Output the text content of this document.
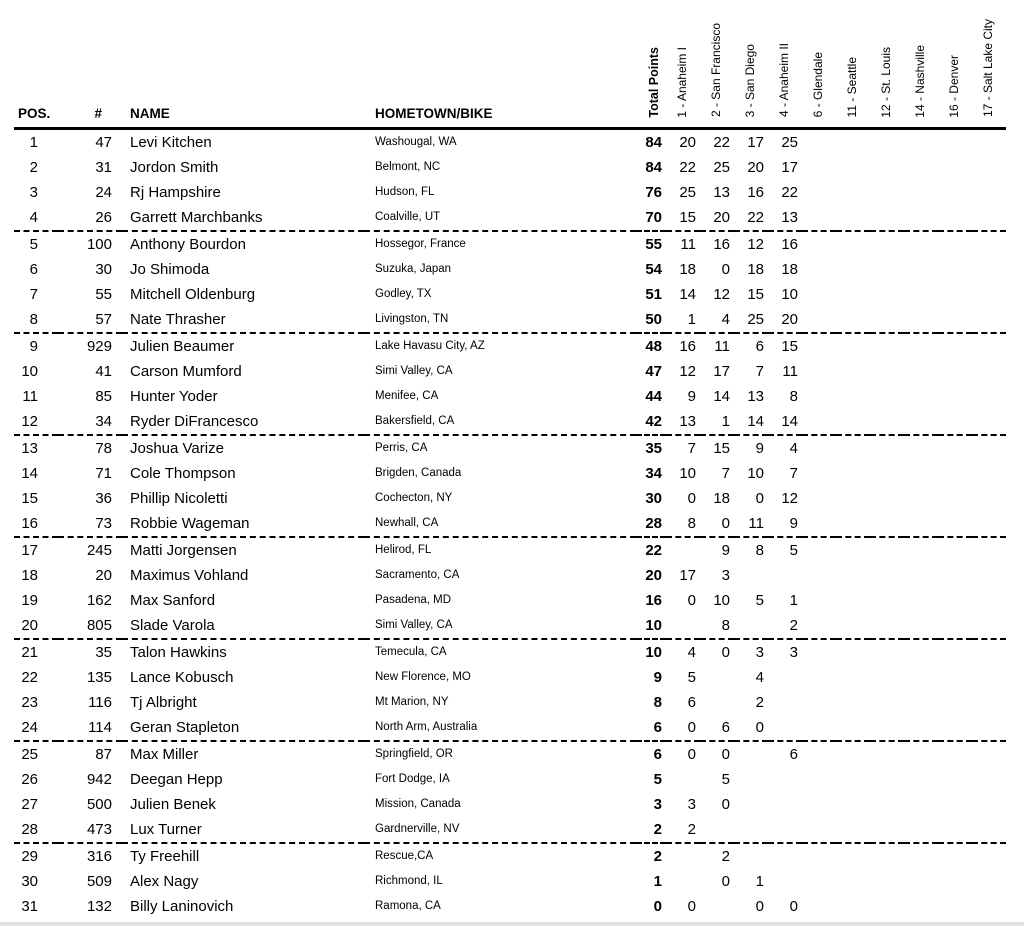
POS.	#	NAME	HOMETOWN/BIKE	Total Points	1 - Anaheim I	2 - San Francisco	3 - San Diego	4 - Anaheim II	6 - Glendale	11 - Seattle	12 - St. Louis	14 - Nashville	16 - Denver	17 - Salt Lake City
1	47	Levi Kitchen	Washougal, WA	84	20	22	17	25						
2	31	Jordon Smith	Belmont, NC	84	22	25	20	17						
3	24	Rj Hampshire	Hudson, FL	76	25	13	16	22						
4	26	Garrett Marchbanks	Coalville, UT	70	15	20	22	13						
5	100	Anthony Bourdon	Hossegor, France	55	11	16	12	16						
6	30	Jo Shimoda	Suzuka, Japan	54	18	0	18	18						
7	55	Mitchell Oldenburg	Godley, TX	51	14	12	15	10						
8	57	Nate Thrasher	Livingston, TN	50	1	4	25	20						
9	929	Julien Beaumer	Lake Havasu City, AZ	48	16	11	6	15						
10	41	Carson Mumford	Simi Valley, CA	47	12	17	7	11						
11	85	Hunter Yoder	Menifee, CA	44	9	14	13	8						
12	34	Ryder DiFrancesco	Bakersfield, CA	42	13	1	14	14						
13	78	Joshua Varize	Perris, CA	35	7	15	9	4						
14	71	Cole Thompson	Brigden, Canada	34	10	7	10	7						
15	36	Phillip Nicoletti	Cochecton, NY	30	0	18	0	12						
16	73	Robbie Wageman	Newhall, CA	28	8	0	11	9						
17	245	Matti Jorgensen	Helirod, FL	22		9	8	5						
18	20	Maximus Vohland	Sacramento, CA	20	17	3								
19	162	Max Sanford	Pasadena, MD	16	0	10	5	1						
20	805	Slade Varola	Simi Valley, CA	10		8		2						
21	35	Talon Hawkins	Temecula, CA	10	4	0	3	3						
22	135	Lance Kobusch	New Florence, MO	9	5		4							
23	116	Tj Albright	Mt Marion, NY	8	6		2							
24	114	Geran Stapleton	North Arm, Australia	6	0	6	0							
25	87	Max Miller	Springfield, OR	6	0	0		6						
26	942	Deegan Hepp	Fort Dodge, IA	5		5								
27	500	Julien Benek	Mission, Canada	3	3	0								
28	473	Lux Turner	Gardnerville, NV	2	2									
29	316	Ty Freehill	Rescue,CA	2		2								
30	509	Alex Nagy	Richmond, IL	1		0	1							
31	132	Billy Laninovich	Ramona, CA	0	0		0	0						
